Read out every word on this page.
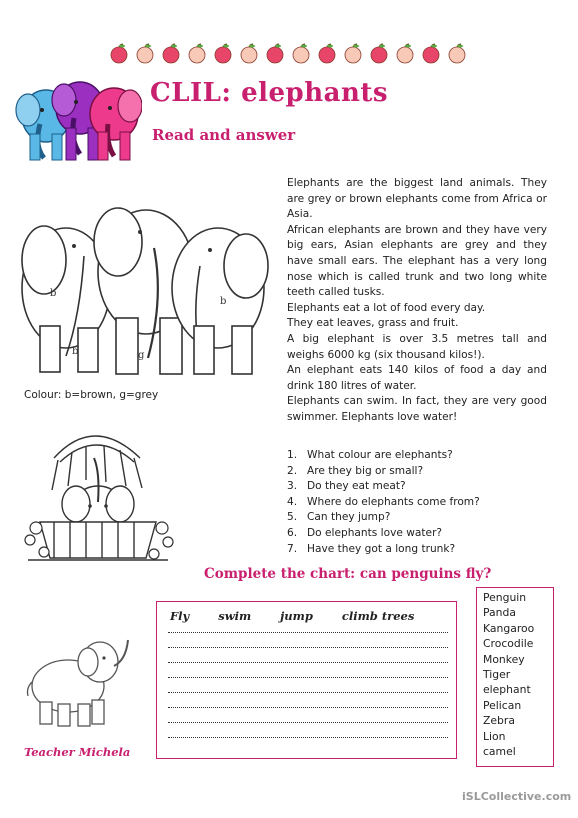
CLIL: elephants
Read and answer
b
b
g
b
Colour: b=brown, g=grey

Elephants are the biggest land animals. They are grey or brown elephants come from Africa or Asia.

African elephants are brown and they have very big ears, Asian elephants are grey and they have small ears. The elephant has a very long nose which is called trunk and two long white teeth called tusks.

Elephants eat a lot of food every day.

They eat leaves, grass and fruit.

A big elephant is over 3.5 metres tall and weighs 6000 kg (six thousand kilos!).

An elephant eats 140 kilos of food a day and drink 180 litres of water.

Elephants can swim. In fact, they are very good swimmer. Elephants love water!

What colour are elephants?
Are they big or small?
Do they eat meat?
Where do elephants come from?
Can they jump?
Do elephants love water?
Have they got a long trunk?
Complete the chart: can penguins fly?
Fly	swim	jump	climb trees
Penguin
Panda
Kangaroo
Crocodile
Monkey
Tiger
elephant
Pelican
Zebra
Lion
camel
Teacher Michela
iSLCollective.com
